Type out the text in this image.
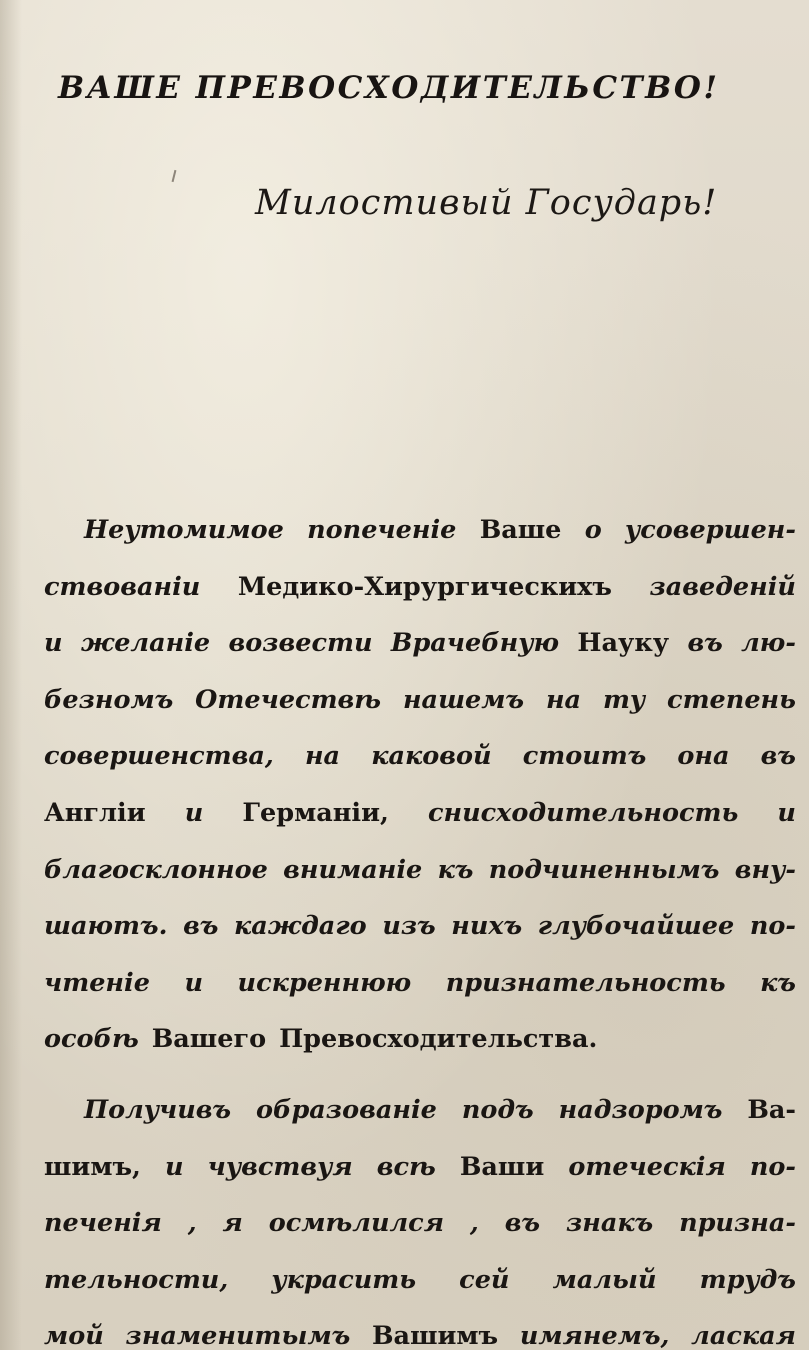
ВАШЕ ПРЕВОСХОДИТЕЛЬСТВО!
Милостивый Государь!
Неутомимое попеченіе Ваше о усовершен-
ствованіи Медико-Хирургическихъ заведеній
и желаніе возвести Врачебную Науку въ лю-
безномъ Отечествѣ нашемъ на ту степень
совершенства, на каковой стоитъ она въ
Англіи и Германіи, снисходительность и
благосклонное вниманіе къ подчиненнымъ вну-
шаютъ. въ каждаго изъ нихъ глубочайшее по-
чтеніе и искреннюю признательность къ
особѣ Вашего Превосходительства.
Получивъ образованіе подъ надзоромъ Ва-
шимъ, и чувствуя всѣ Ваши отеческія по-
печенія , я осмѣлился , въ знакъ призна-
тельности, украсить сей малый трудъ
мой знаменитымъ Вашимъ имянемъ, лаская
